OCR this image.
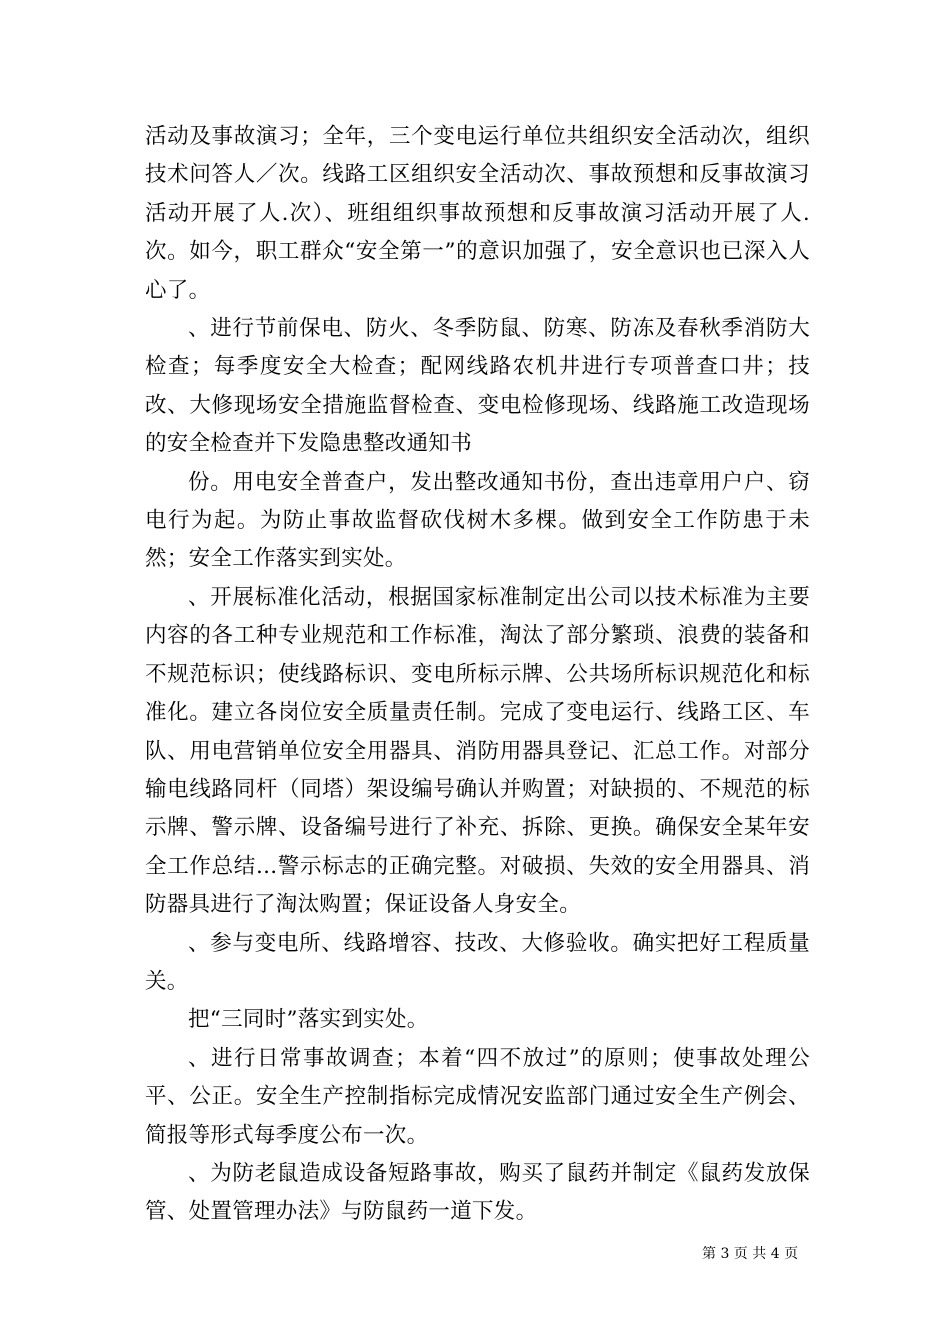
活动及事故演习；全年，三个变电运行单位共组织安全活动次，组织技术问答人／次。线路工区组织安全活动次、事故预想和反事故演习活动开展了人.次）、班组组织事故预想和反事故演习活动开展了人.次。如今，职工群众“安全第一”的意识加强了，安全意识也已深入人心了。

、进行节前保电、防火、冬季防鼠、防寒、防冻及春秋季消防大检查；每季度安全大检查；配网线路农机井进行专项普查口井；技改、大修现场安全措施监督检查、变电检修现场、线路施工改造现场的安全检查并下发隐患整改通知书

份。用电安全普查户，发出整改通知书份，查出违章用户户、窃电行为起。为防止事故监督砍伐树木多棵。做到安全工作防患于未然；安全工作落实到实处。

、开展标准化活动，根据国家标准制定出公司以技术标准为主要内容的各工种专业规范和工作标准，淘汰了部分繁琐、浪费的装备和不规范标识；使线路标识、变电所标示牌、公共场所标识规范化和标准化。建立各岗位安全质量责任制。完成了变电运行、线路工区、车队、用电营销单位安全用器具、消防用器具登记、汇总工作。对部分输电线路同杆（同塔）架设编号确认并购置；对缺损的、不规范的标示牌、警示牌、设备编号进行了补充、拆除、更换。确保安全某年安全工作总结...警示标志的正确完整。对破损、失效的安全用器具、消防器具进行了淘汰购置；保证设备人身安全。

、参与变电所、线路增容、技改、大修验收。确实把好工程质量关。

把“三同时”落实到实处。

、进行日常事故调查；本着“四不放过”的原则；使事故处理公平、公正。安全生产控制指标完成情况安监部门通过安全生产例会、简报等形式每季度公布一次。

、为防老鼠造成设备短路事故，购买了鼠药并制定《鼠药发放保管、处置管理办法》与防鼠药一道下发。

第 3 页 共 4 页
